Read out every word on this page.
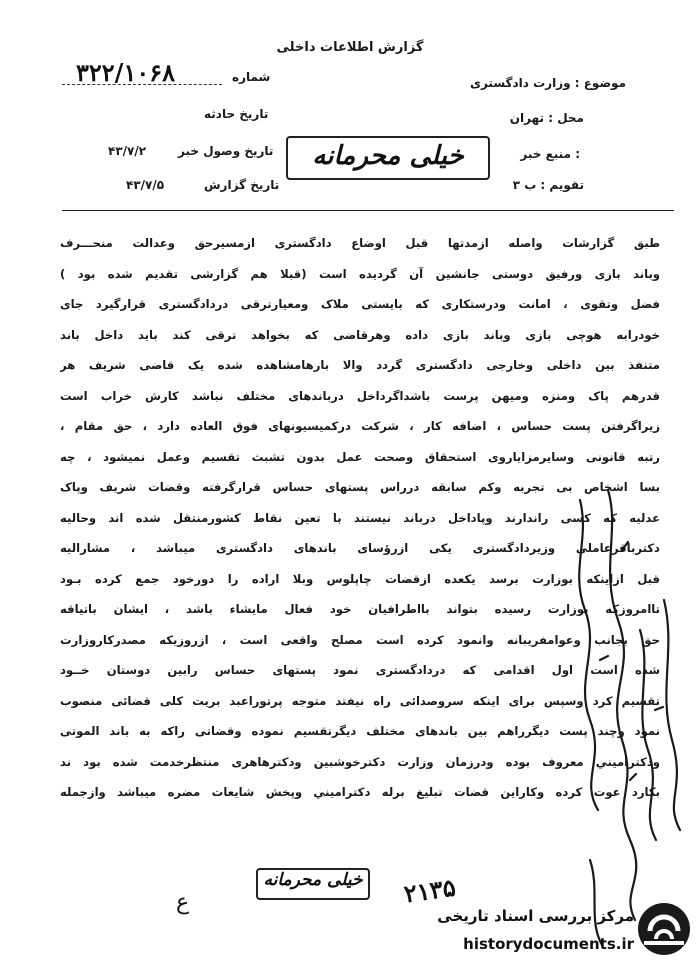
گزارش اطلاعات داخلی
موضوع : وزارت دادگستری
محل : تهران
منبع خبر :
تقویم : ب ۳
خیلی محرمانه
شماره
۳۲۲/۱۰۶۸
تاریخ حادثه
تاریخ وصول خبر
۴۳/۷/۲
تاریخ گزارش
۴۳/۷/۵
طبق گزارشات واصله ازمدتها قبل اوضاع دادگستری ازمسیرحق وعدالت منحـــرف
وباند بازی ورفیق دوستی جانشین آن گردیده است (قبلا هم گزارشی تقدیم شده بود )
فضل وتقوی ، امانت ودرستکاری که بایستی ملاک ومعیارترقی دردادگستری قرارگیرد جای
خودرابه هوچی بازی وباند بازی داده وهرقاضی که بخواهد ترقی کند باید داخل باند
متنفذ بین داخلی وخارجی دادگستری گردد والا بارهامشاهده شده یک قاضی شریف هر
قدرهم پاک ومنزه ومیهن پرست باشداگرداخل درباندهای مختلف نباشد کارش خراب است
زیراگرفتن پست حساس ، اضافه کار ، شرکت درکمیسیونهای فوق العاده دارد ، حق مقام ،
رتبه قانونی وسایرمزایاروی استحقاق وصحت عمل بدون تشبث تقسیم وعمل نمیشود ، چه
بسا اشخاص بی تجربه وکم سابقه درراس پستهای حساس قرارگرفته وقضات شریف وپاک
عدلیه که کسی راندارند وپاداخل درباند نیستند با تعین نقاط کشورمنتقل شده اند وحالیه
دکترباقرعاملی وزیردادگستری یکی ازرؤسای باندهای دادگستری میباشد ، مشارالیه
قبل ازاینکه بوزارت برسد یکعده ازقضات چاپلوس وبلا اراده را دورخود جمع کرده بـود
تاامروزکه بوزارت رسیده بتواند بااطرافیان خود فعال مایشاء باشد ، ایشان باتیاقه
حق بجانب وعوامفریبانه وانمود کرده است مصلح واقعی است ، ازروزیکه مصدرکاروزارت
شده است اول اقدامی که دردادگستری نمود پستهای حساس رابین دوستان خــود
تقسیم کرد وسپس برای اینکه سروصدائی راه نیفتد متوجه پرتوراعبد بریت کلی قضائی منصوب
نمود وچند پست دیگرراهم بین باندهای مختلف دیگرتقسیم نموده وقضاتی راکه به باند الموتی
ودکتراميني معروف بوده ودرزمان وزارت دکترخوشبین ودکترهاهری منتظرخدمت شده بود ند
بکارد عوت کرده وکاراین قضات تبلیغ برله دکتراميني وپخش شایعات مضره میباشد وازجمله
خیلی محرمانه ۲۱۳۵
ع
مرکز بررسی اسناد تاریخی
historydocuments.ir
